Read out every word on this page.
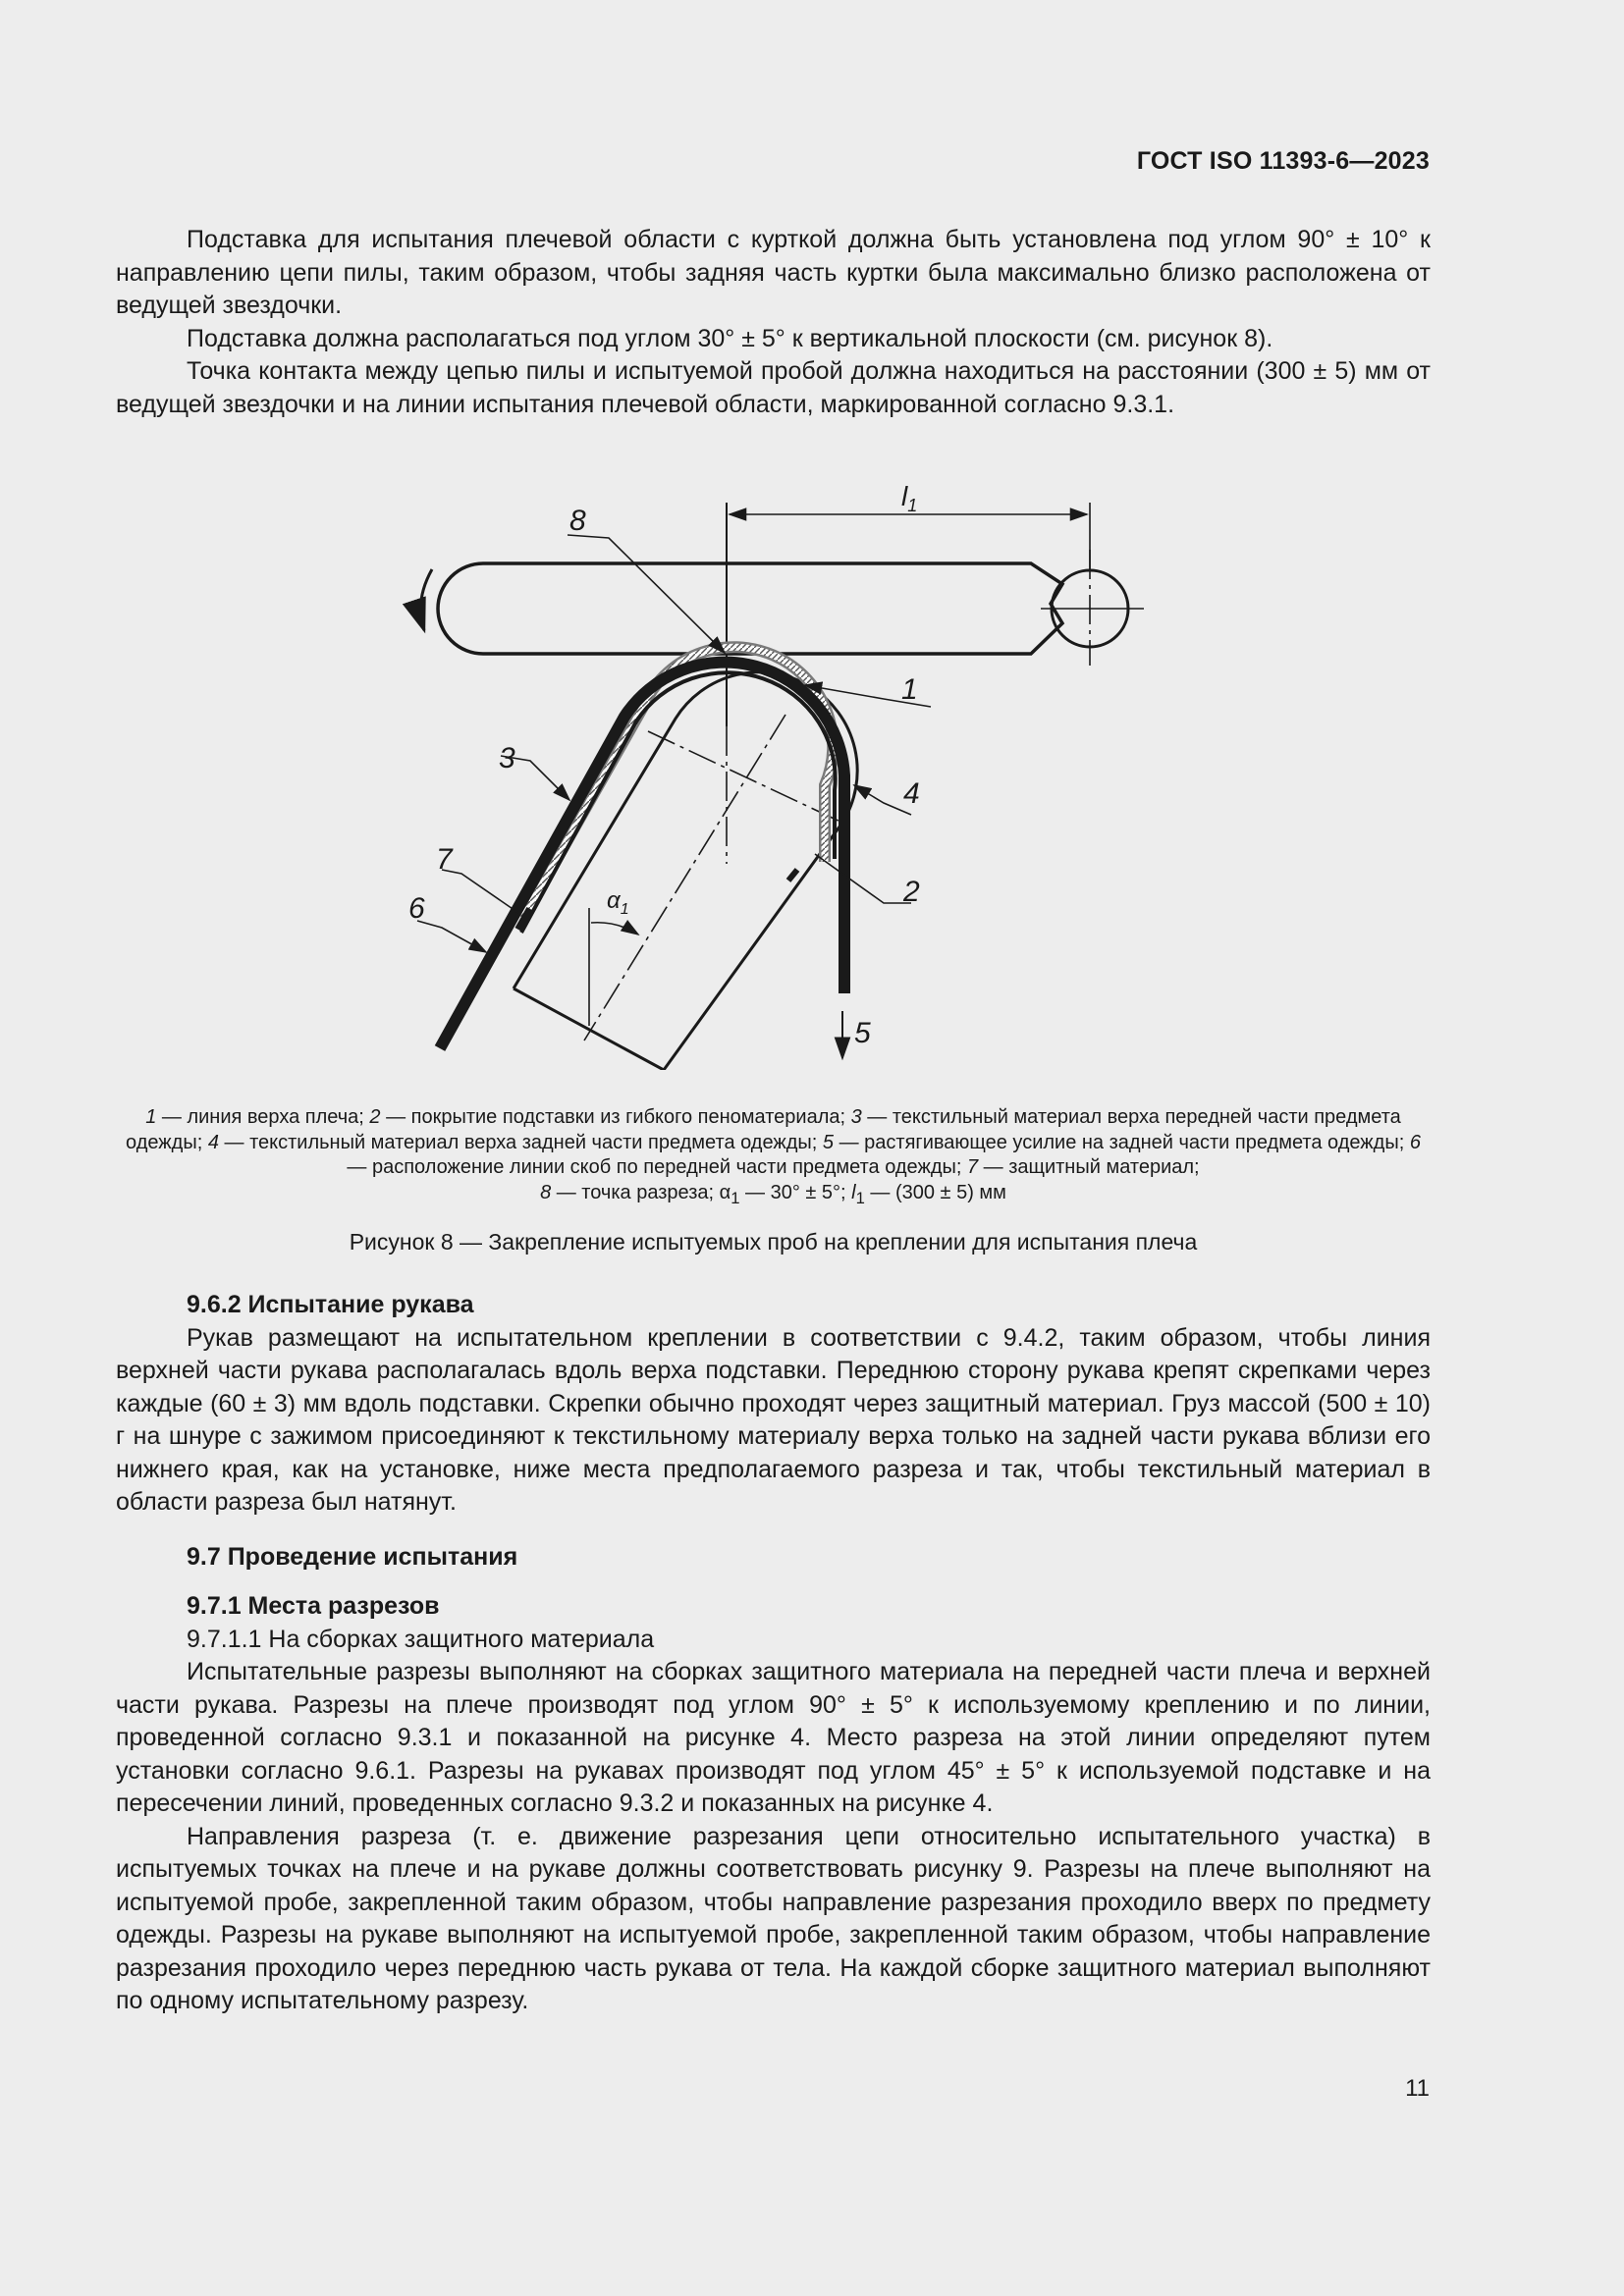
ГОСТ ISO 11393-6—2023

Подставка для испытания плечевой области с курткой должна быть установлена под углом 90° ± 10° к направлению цепи пилы, таким образом, чтобы задняя часть куртки была максимально близко расположена от ведущей звездочки.

Подставка должна располагаться под углом 30° ± 5° к вертикальной плоскости (см. рисунок 8).

Точка контакта между цепью пилы и испытуемой пробой должна находиться на расстоянии (300 ± 5) мм от ведущей звездочки и на линии испытания плечевой области, маркированной согласно 9.3.1.

8
$l_1$
1
3
4
7
2
6	$\alpha_1$
5
1 — линия верха плеча; 2 — покрытие подставки из гибкого пеноматериала; 3 — текстильный материал верха передней части предмета одежды; 4 — текстильный материал верха задней части предмета одежды; 5 — растягивающее усилие на задней части предмета одежды; 6 — расположение линии скоб по передней части предмета одежды; 7 — защитный материал;
8 — точка разреза; $\alpha_1$ — 30° ± 5°; $l_1$ — (300 ± 5) мм
Рисунок 8 — Закрепление испытуемых проб на креплении для испытания плеча
9.6.2 Испытание рукава

Рукав размещают на испытательном креплении в соответствии с 9.4.2, таким образом, чтобы линия верхней части рукава располагалась вдоль верха подставки. Переднюю сторону рукава крепят скрепками через каждые (60 ± 3) мм вдоль подставки. Скрепки обычно проходят через защитный материал. Груз массой (500 ± 10) г на шнуре с зажимом присоединяют к текстильному материалу верха только на задней части рукава вблизи его нижнего края, как на установке, ниже места предполагаемого разреза и так, чтобы текстильный материал в области разреза был натянут.

9.7 Проведение испытания
9.7.1 Места разрезов

9.7.1.1 На сборках защитного материала

Испытательные разрезы выполняют на сборках защитного материала на передней части плеча и верхней части рукава. Разрезы на плече производят под углом 90° ± 5° к используемому креплению и по линии, проведенной согласно 9.3.1 и показанной на рисунке 4. Место разреза на этой линии определяют путем установки согласно 9.6.1. Разрезы на рукавах производят под углом 45° ± 5° к используемой подставке и на пересечении линий, проведенных согласно 9.3.2 и показанных на рисунке 4.

Направления разреза (т. е. движение разрезания цепи относительно испытательного участка) в испытуемых точках на плече и на рукаве должны соответствовать рисунку 9. Разрезы на плече выполняют на испытуемой пробе, закрепленной таким образом, чтобы направление разрезания проходило вверх по предмету одежды. Разрезы на рукаве выполняют на испытуемой пробе, закрепленной таким образом, чтобы направление разрезания проходило через переднюю часть рукава от тела. На каждой сборке защитного материал выполняют по одному испытательному разрезу.

11
